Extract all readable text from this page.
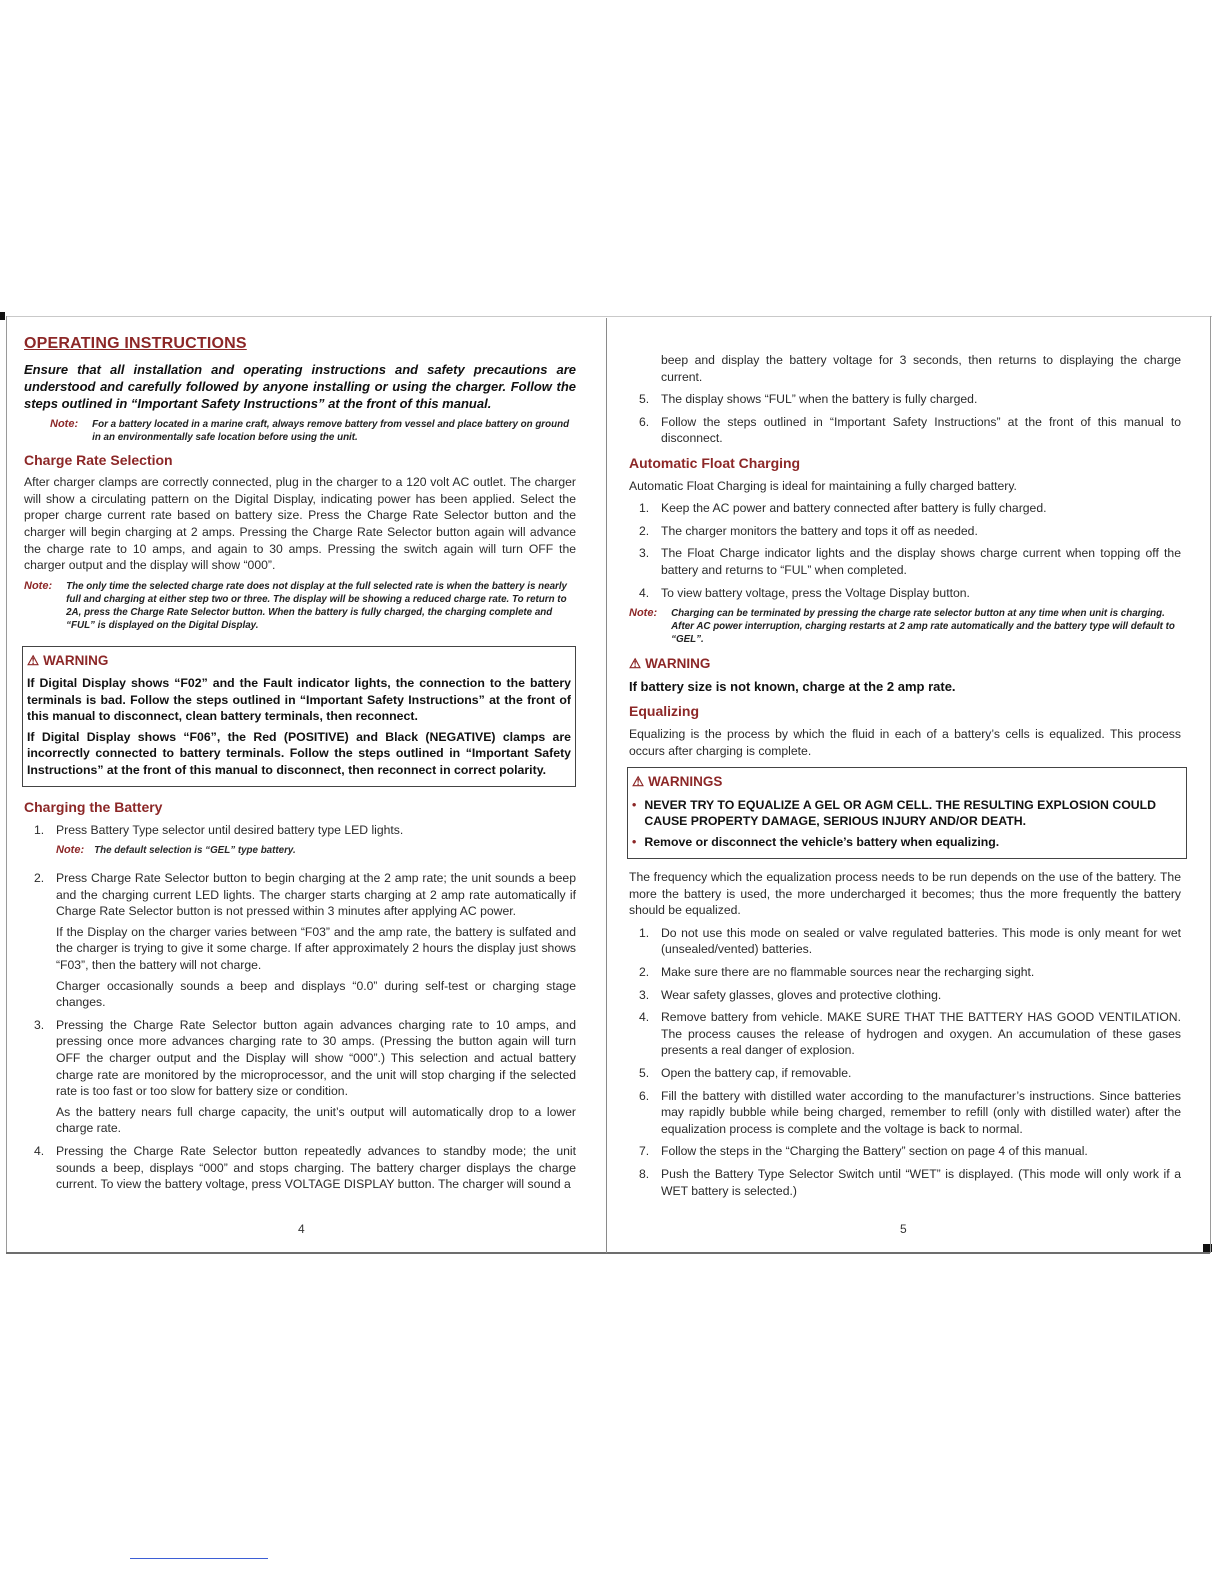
OPERATING INSTRUCTIONS

Ensure that all installation and operating instructions and safety precautions are understood and carefully followed by anyone installing or using the charger. Follow the steps outlined in “Important Safety Instructions” at the front of this manual.

Note: For a battery located in a marine craft, always remove battery from vessel and place battery on ground in an environmentally safe location before using the unit.
Charge Rate Selection

After charger clamps are correctly connected, plug in the charger to a 120 volt AC outlet. The charger will show a circulating pattern on the Digital Display, indicating power has been applied. Select the proper charge current rate based on battery size. Press the Charge Rate Selector button and the charger will begin charging at 2 amps. Pressing the Charge Rate Selector button again will advance the charge rate to 10 amps, and again to 30 amps. Pressing the switch again will turn OFF the charger output and the display will show “000”.

Note: The only time the selected charge rate does not display at the full selected rate is when the battery is nearly full and charging at either step two or three. The display will be showing a reduced charge rate. To return to 2A, press the Charge Rate Selector button. When the battery is fully charged, the charging complete and “FUL” is displayed on the Digital Display.
⚠ WARNING

If Digital Display shows “F02” and the Fault indicator lights, the connection to the battery terminals is bad. Follow the steps outlined in “Important Safety Instructions” at the front of this manual to disconnect, clean battery terminals, then reconnect.

If Digital Display shows “F06”, the Red (POSITIVE) and Black (NEGATIVE) clamps are incorrectly connected to battery terminals. Follow the steps outlined in “Important Safety Instructions” at the front of this manual to disconnect, then reconnect in correct polarity.

Charging the Battery
1. Press Battery Type selector until desired battery type LED lights.
Note: The default selection is “GEL” type battery.
2. Press Charge Rate Selector button to begin charging at the 2 amp rate; the unit sounds a beep and the charging current LED lights. The charger starts charging at 2 amp rate automatically if Charge Rate Selector button is not pressed within 3 minutes after applying AC power.
If the Display on the charger varies between “F03” and the amp rate, the battery is sulfated and the charger is trying to give it some charge. If after approximately 2 hours the display just shows “F03”, then the battery will not charge.
Charger occasionally sounds a beep and displays “0.0” during self-test or charging stage changes.
3. Pressing the Charge Rate Selector button again advances charging rate to 10 amps, and pressing once more advances charging rate to 30 amps. (Pressing the button again will turn OFF the charger output and the Display will show “000”.) This selection and actual battery charge rate are monitored by the microprocessor, and the unit will stop charging if the selected rate is too fast or too slow for battery size or condition.
As the battery nears full charge capacity, the unit’s output will automatically drop to a lower charge rate.
4. Pressing the Charge Rate Selector button repeatedly advances to standby mode; the unit sounds a beep, displays “000” and stops charging. The battery charger displays the charge current. To view the battery voltage, press VOLTAGE DISPLAY button. The charger will sound a
4
beep and display the battery voltage for 3 seconds, then returns to displaying the charge current.
5. The display shows “FUL” when the battery is fully charged.
6. Follow the steps outlined in “Important Safety Instructions” at the front of this manual to disconnect.
Automatic Float Charging

Automatic Float Charging is ideal for maintaining a fully charged battery.

1. Keep the AC power and battery connected after battery is fully charged.
2. The charger monitors the battery and tops it off as needed.
3. The Float Charge indicator lights and the display shows charge current when topping off the battery and returns to “FUL” when completed.
4. To view battery voltage, press the Voltage Display button.
Note: Charging can be terminated by pressing the charge rate selector button at any time when unit is charging. After AC power interruption, charging restarts at 2 amp rate automatically and the battery type will default to “GEL”.
⚠ WARNING
If battery size is not known, charge at the 2 amp rate.
Equalizing

Equalizing is the process by which the fluid in each of a battery’s cells is equalized. This process occurs after charging is complete.

⚠ WARNINGS
• NEVER TRY TO EQUALIZE A GEL OR AGM CELL. THE RESULTING EXPLOSION COULD CAUSE PROPERTY DAMAGE, SERIOUS INJURY AND/OR DEATH.
• Remove or disconnect the vehicle’s battery when equalizing.

The frequency which the equalization process needs to be run depends on the use of the battery. The more the battery is used, the more undercharged it becomes; thus the more frequently the battery should be equalized.

1. Do not use this mode on sealed or valve regulated batteries. This mode is only meant for wet (unsealed/vented) batteries.
2. Make sure there are no flammable sources near the recharging sight.
3. Wear safety glasses, gloves and protective clothing.
4. Remove battery from vehicle. MAKE SURE THAT THE BATTERY HAS GOOD VENTILATION. The process causes the release of hydrogen and oxygen. An accumulation of these gases presents a real danger of explosion.
5. Open the battery cap, if removable.
6. Fill the battery with distilled water according to the manufacturer’s instructions. Since batteries may rapidly bubble while being charged, remember to refill (only with distilled water) after the equalization process is complete and the voltage is back to normal.
7. Follow the steps in the “Charging the Battery” section on page 4 of this manual.
8. Push the Battery Type Selector Switch until “WET” is displayed. (This mode will only work if a WET battery is selected.)
5
